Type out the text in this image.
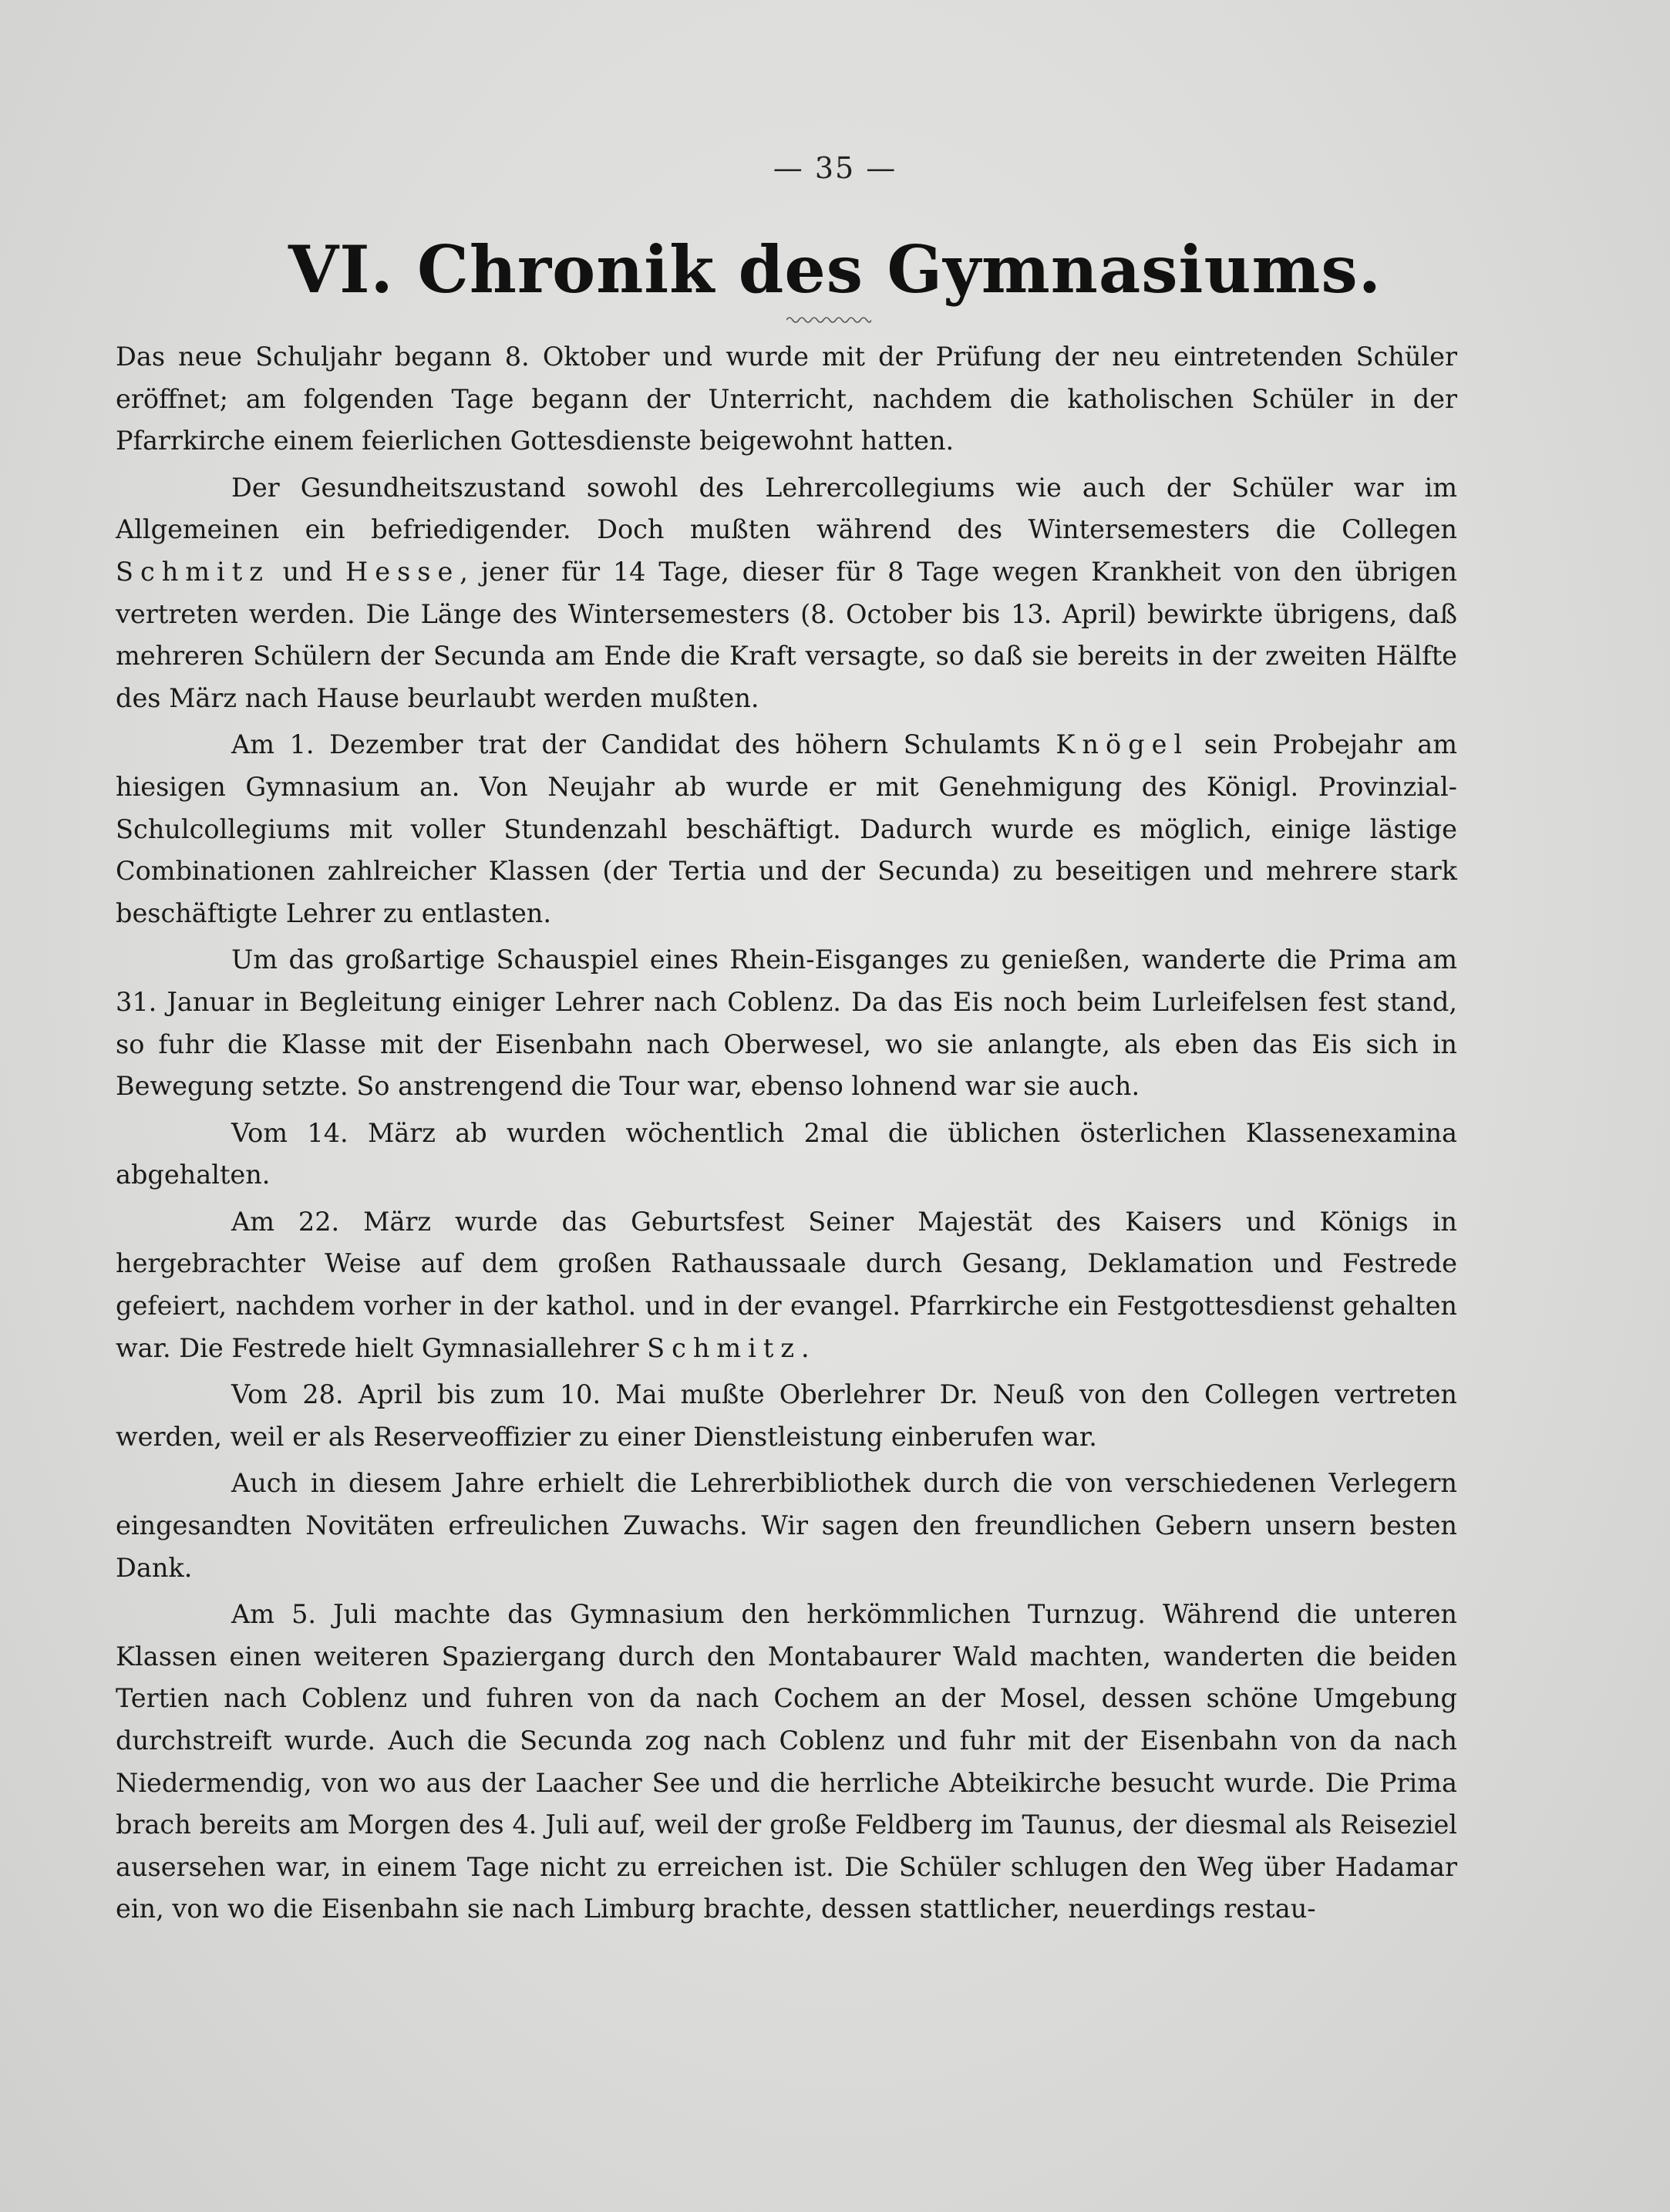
— 35 —
VI. Chronik des Gymnasiums.

Das neue Schuljahr begann 8. Oktober und wurde mit der Prüfung der neu eintretenden Schüler eröffnet; am folgenden Tage begann der Unterricht, nachdem die katholischen Schüler in der Pfarrkirche einem feierlichen Gottesdienste beigewohnt hatten.

Der Gesundheitszustand sowohl des Lehrercollegiums wie auch der Schüler war im Allgemeinen ein befriedigender. Doch mußten während des Wintersemesters die Collegen Schmitz und Hesse, jener für 14 Tage, dieser für 8 Tage wegen Krankheit von den übrigen vertreten werden. Die Länge des Wintersemesters (8. October bis 13. April) bewirkte übrigens, daß mehreren Schülern der Secunda am Ende die Kraft versagte, so daß sie bereits in der zweiten Hälfte des März nach Hause beurlaubt werden mußten.

Am 1. Dezember trat der Candidat des höhern Schulamts Knögel sein Probejahr am hiesigen Gymnasium an. Von Neujahr ab wurde er mit Genehmigung des Königl. Provinzial-Schulcollegiums mit voller Stundenzahl beschäftigt. Dadurch wurde es möglich, einige lästige Combinationen zahlreicher Klassen (der Tertia und der Secunda) zu beseitigen und mehrere stark beschäftigte Lehrer zu entlasten.

Um das großartige Schauspiel eines Rhein-Eisganges zu genießen, wanderte die Prima am 31. Januar in Begleitung einiger Lehrer nach Coblenz. Da das Eis noch beim Lurleifelsen fest stand, so fuhr die Klasse mit der Eisenbahn nach Oberwesel, wo sie anlangte, als eben das Eis sich in Bewegung setzte. So anstrengend die Tour war, ebenso lohnend war sie auch.

Vom 14. März ab wurden wöchentlich 2mal die üblichen österlichen Klassenexamina abgehalten.

Am 22. März wurde das Geburtsfest Seiner Majestät des Kaisers und Königs in hergebrachter Weise auf dem großen Rathaussaale durch Gesang, Deklamation und Festrede gefeiert, nachdem vorher in der kathol. und in der evangel. Pfarrkirche ein Festgottesdienst gehalten war. Die Festrede hielt Gymnasiallehrer Schmitz.

Vom 28. April bis zum 10. Mai mußte Oberlehrer Dr. Neuß von den Collegen vertreten werden, weil er als Reserveoffizier zu einer Dienstleistung einberufen war.

Auch in diesem Jahre erhielt die Lehrerbibliothek durch die von verschiedenen Verlegern eingesandten Novitäten erfreulichen Zuwachs. Wir sagen den freundlichen Gebern unsern besten Dank.

Am 5. Juli machte das Gymnasium den herkömmlichen Turnzug. Während die unteren Klassen einen weiteren Spaziergang durch den Montabaurer Wald machten, wanderten die beiden Tertien nach Coblenz und fuhren von da nach Cochem an der Mosel, dessen schöne Umgebung durchstreift wurde. Auch die Secunda zog nach Coblenz und fuhr mit der Eisenbahn von da nach Niedermendig, von wo aus der Laacher See und die herrliche Abteikirche besucht wurde. Die Prima brach bereits am Morgen des 4. Juli auf, weil der große Feldberg im Taunus, der diesmal als Reiseziel ausersehen war, in einem Tage nicht zu erreichen ist. Die Schüler schlugen den Weg über Hadamar ein, von wo die Eisenbahn sie nach Limburg brachte, dessen stattlicher, neuerdings restau-
